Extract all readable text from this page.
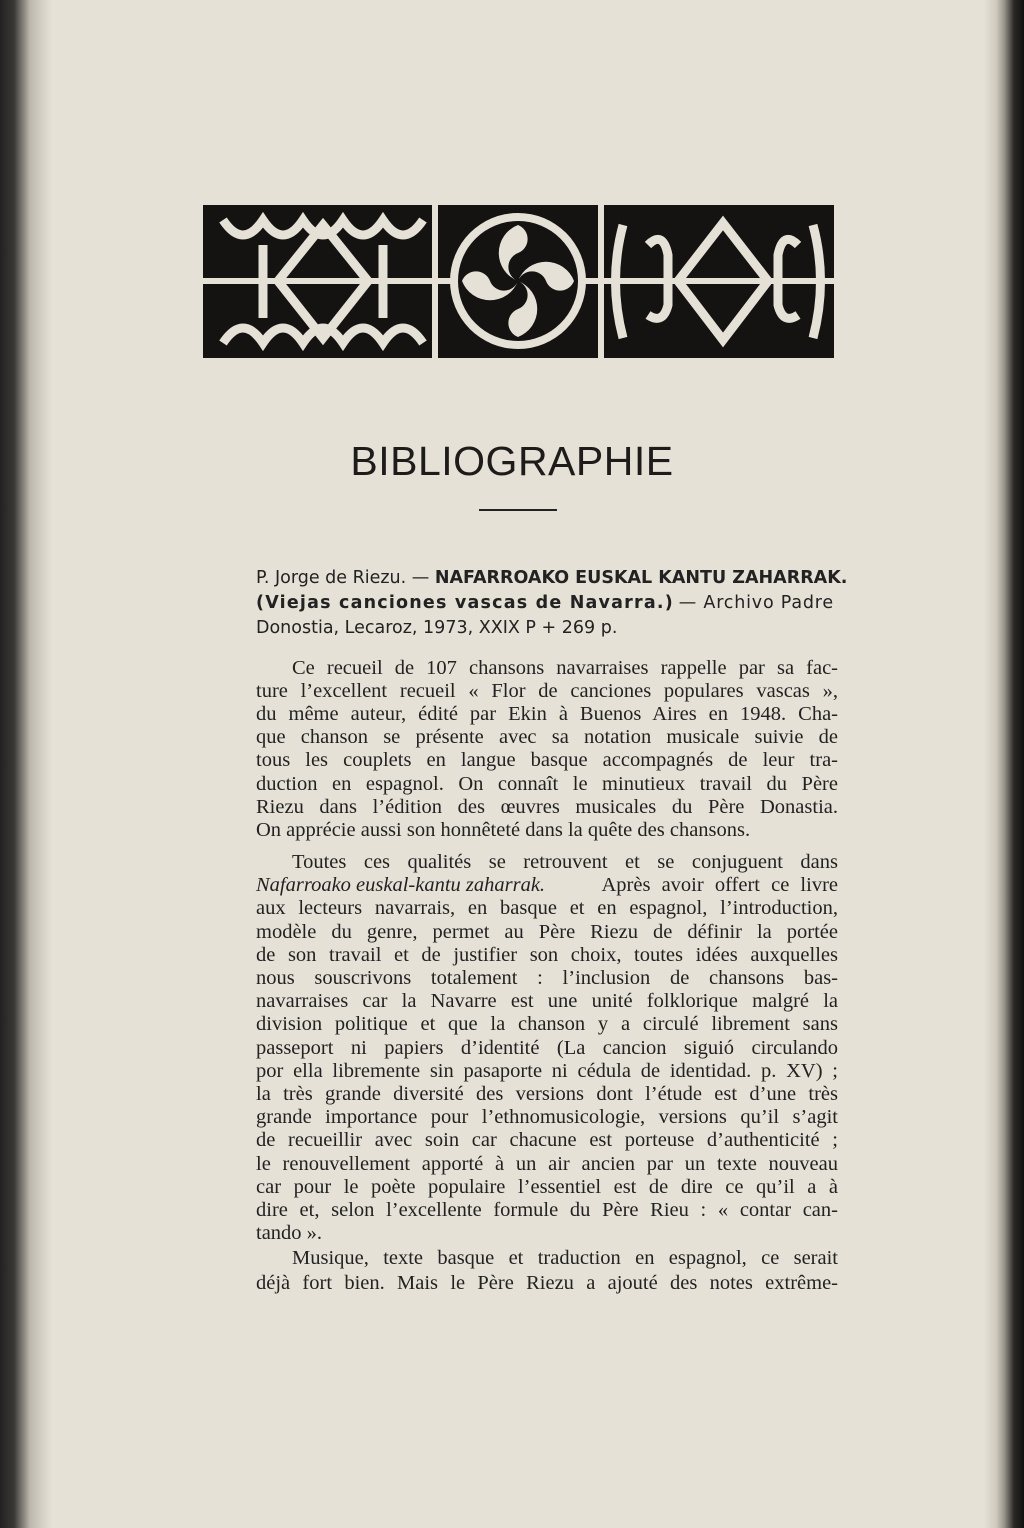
BIBLIOGRAPHIE
P. Jorge de Riezu. — NAFARROAKO EUSKAL KANTU ZAHARRAK.
(Viejas canciones vascas de Navarra.) — Archivo Padre
Donostia, Lecaroz, 1973, XXIX P + 269 p.
Ce recueil de 107 chansons navarraises rappelle par sa fac-
ture l’excellent recueil « Flor de canciones populares vascas »,
du même auteur, édité par Ekin à Buenos Aires en 1948. Cha-
que chanson se présente avec sa notation musicale suivie de
tous les couplets en langue basque accompagnés de leur tra-
duction en espagnol. On connaît le minutieux travail du Père
Riezu dans l’édition des œuvres musicales du Père Donastia.
On apprécie aussi son honnêteté dans la quête des chansons.
Toutes ces qualités se retrouvent et se conjuguent dans
Nafarroako euskal-kantu zaharrak.	Après avoir offert ce livre
aux lecteurs navarrais, en basque et en espagnol, l’introduction,
modèle du genre, permet au Père Riezu de définir la portée
de son travail et de justifier son choix, toutes idées auxquelles
nous souscrivons totalement : l’inclusion de chansons bas-
navarraises car la Navarre est une unité folklorique malgré la
division politique et que la chanson y a circulé librement sans
passeport ni papiers d’identité (La cancion siguió circulando
por ella libremente sin pasaporte ni cédula de identidad. p. XV) ;
la très grande diversité des versions dont l’étude est d’une très
grande importance pour l’ethnomusicologie, versions qu’il s’agit
de recueillir avec soin car chacune est porteuse d’authenticité ;
le renouvellement apporté à un air ancien par un texte nouveau
car pour le poète populaire l’essentiel est de dire ce qu’il a à
dire et, selon l’excellente formule du Père Rieu : « contar can-
tando ».
Musique, texte basque et traduction en espagnol, ce serait
déjà fort bien. Mais le Père Riezu a ajouté des notes extrême-
